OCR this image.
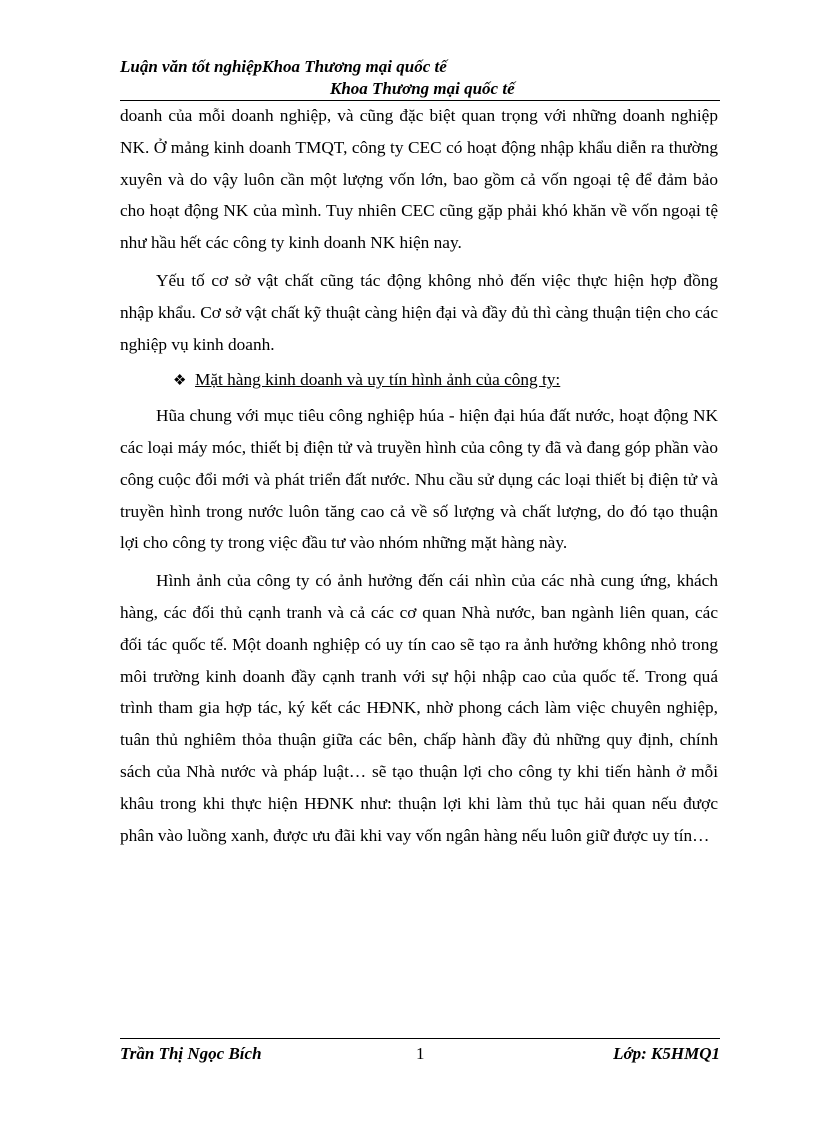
Luận văn tốt nghiệpKhoa Thương mại quốc tế
Khoa Thương mại quốc tế

doanh của mỗi doanh nghiệp, và cũng đặc biệt quan trọng với những doanh nghiệp NK. Ở mảng kinh doanh TMQT, công ty CEC có hoạt động nhập khẩu diễn ra thường xuyên và do vậy luôn cần một lượng vốn lớn, bao gồm cả vốn ngoại tệ để đảm bảo cho hoạt động NK của mình. Tuy nhiên CEC cũng gặp phải khó khăn về vốn ngoại tệ như hầu hết các công ty kinh doanh NK hiện nay.

Yếu tố cơ sở vật chất cũng tác động không nhỏ đến việc thực hiện hợp đồng nhập khẩu. Cơ sở vật chất kỹ thuật càng hiện đại và đầy đủ thì càng thuận tiện cho các nghiệp vụ kinh doanh.

❖ Mặt hàng kinh doanh và uy tín hình ảnh của công ty:

Hũa chung với mục tiêu công nghiệp húa - hiện đại húa đất nước, hoạt động NK các loại máy móc, thiết bị điện tử và truyền hình của công ty đã và đang góp phần vào công cuộc đổi mới và phát triển đất nước. Nhu cầu sử dụng các loại thiết bị điện tử và truyền hình trong nước luôn tăng cao cả về số lượng và chất lượng, do đó tạo thuận lợi cho công ty trong việc đầu tư vào nhóm những mặt hàng này.

Hình ảnh của công ty có ảnh hưởng đến cái nhìn của các nhà cung ứng, khách hàng, các đối thủ cạnh tranh và cả các cơ quan Nhà nước, ban ngành liên quan, các đối tác quốc tế. Một doanh nghiệp có uy tín cao sẽ tạo ra ảnh hưởng không nhỏ trong môi trường kinh doanh đầy cạnh tranh với sự hội nhập cao của quốc tế. Trong quá trình tham gia hợp tác, ký kết các HĐNK, nhờ phong cách làm việc chuyên nghiệp, tuân thủ nghiêm thỏa thuận giữa các bên, chấp hành đầy đủ những quy định, chính sách của Nhà nước và pháp luật… sẽ tạo thuận lợi cho công ty khi tiến hành ở mỗi khâu trong khi thực hiện HĐNK như: thuận lợi khi làm thủ tục hải quan nếu được phân vào luồng xanh, được ưu đãi khi vay vốn ngân hàng nếu luôn giữ được uy tín…

Trần Thị Ngọc Bích	1	Lớp: K5HMQ1
